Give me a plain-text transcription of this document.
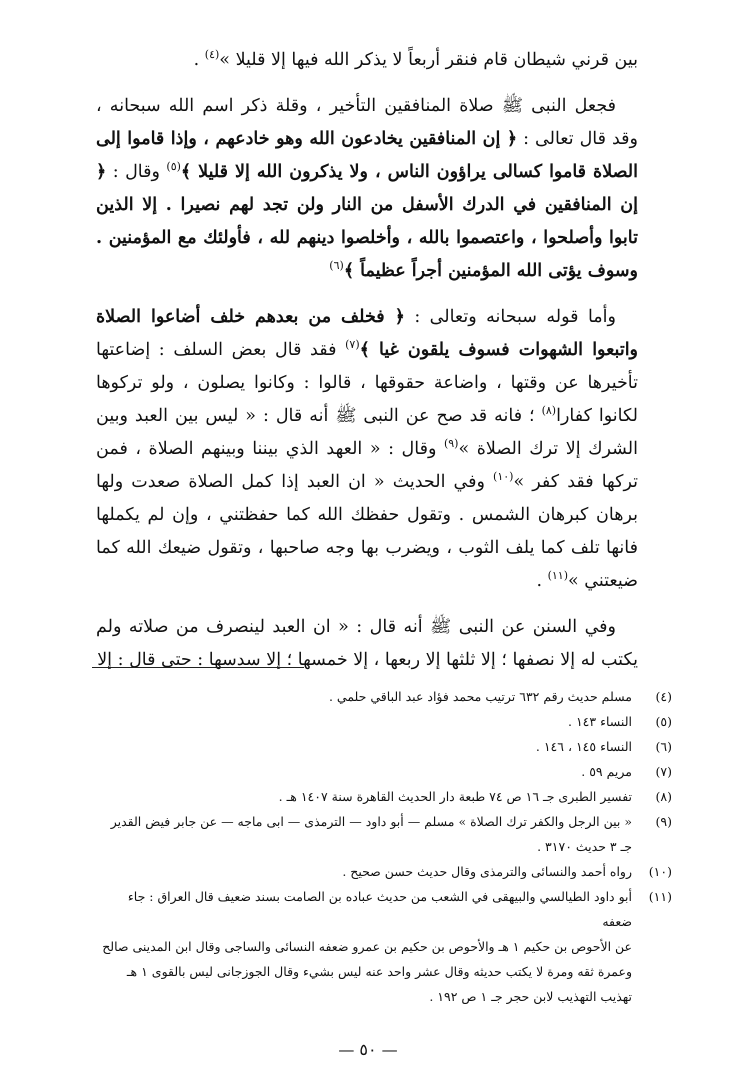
بين قرني شيطان قام فنقر أربعاً لا يذكر الله فيها إلا قليلا »$^{(٤)}$ .

فجعل النبى ﷺ صلاة المنافقين التأخير ، وقلة ذكر اسم الله سبحانه ، وقد قال تعالى : ﴿ إن المنافقين يخادعون الله وهو خادعهم ، وإذا قاموا إلى الصلاة قاموا كسالى يراؤون الناس ، ولا يذكرون الله إلا قليلا ﴾$^{(٥)}$ وقال : ﴿ إن المنافقين في الدرك الأسفل من النار ولن تجد لهم نصيرا . إلا الذين تابوا وأصلحوا ، واعتصموا بالله ، وأخلصوا دينهم لله ، فأولئك مع المؤمنين . وسوف يؤتى الله المؤمنين أجراً عظيماً ﴾$^{(٦)}$

وأما قوله سبحانه وتعالى : ﴿ فخلف من بعدهم خلف أضاعوا الصلاة واتبعوا الشهوات فسوف يلقون غيا ﴾$^{(٧)}$ فقد قال بعض السلف : إضاعتها تأخيرها عن وقتها ، واضاعة حقوقها ، قالوا : وكانوا يصلون ، ولو تركوها لكانوا كفارا$^{(٨)}$ ؛ فانه قد صح عن النبى ﷺ أنه قال : « ليس بين العبد وبين الشرك إلا ترك الصلاة »$^{(٩)}$ وقال : « العهد الذي بيننا وبينهم الصلاة ، فمن تركها فقد كفر »$^{(١٠)}$ وفي الحديث « ان العبد إذا كمل الصلاة صعدت ولها برهان كبرهان الشمس . وتقول حفظك الله كما حفظتني ، وإن لم يكملها فانها تلف كما يلف الثوب ، ويضرب بها وجه صاحبها ، وتقول ضيعك الله كما ضيعتني »$^{(١١)}$ .

وفي السنن عن النبى ﷺ أنه قال : « ان العبد لينصرف من صلاته ولم يكتب له إلا نصفها ؛ إلا ثلثها إلا ربعها ، إلا خمسها ؛ إلا سدسها : حتى قال : إلا

(٤)
مسلم حديث رقم ٦٣٢ ترتيب محمد فؤاد عبد الباقي حلمي .
(٥)
النساء ١٤٣ .
(٦)
النساء ١٤٥ ، ١٤٦ .
(٧)
مريم ٥٩ .
(٨)
تفسير الطبرى جـ ١٦ ص ٧٤ طبعة دار الحديث القاهرة سنة ١٤٠٧ هـ .
(٩)
« بين الرجل والكفر ترك الصلاة » مسلم — أبو داود — الترمذى — ابى ماجه — عن جابر فيض القدير
جـ ٣ حديث ٣١٧٠ .
(١٠)
رواه أحمد والنسائى والترمذى وقال حديث حسن صحيح .
(١١)
أبو داود الطيالسي والبيهقى في الشعب من حديث عباده بن الصامت بسند ضعيف قال العراق : جاء ضعفه
عن الأحوص بن حكيم ١ هـ والأحوص بن حكيم بن عمرو ضعفه النسائى والساجى وقال ابن المدينى صالح وعمرة ثقه ومرة لا يكتب حديثه وقال عشر واحد عنه ليس بشيء وقال الجوزجانى ليس بالقوى ١ هـ تهذيب التهذيب لابن حجر جـ ١ ص ١٩٢ .
— ٥٠ —
